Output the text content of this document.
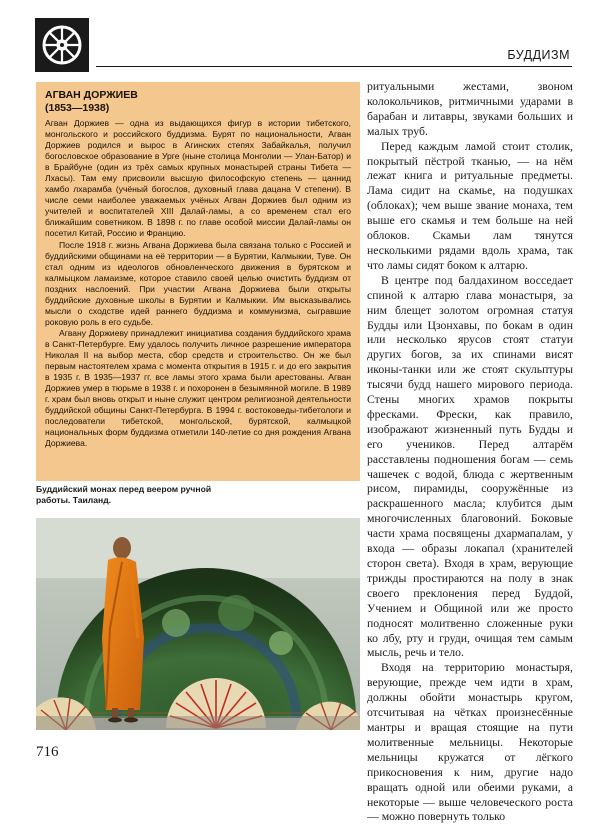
БУДДИЗМ
АГВАН ДОРЖИЕВ
(1853—1938)

Агван Доржиев — одна из выдающихся фигур в истории тибетского, монгольского и российского буддизма. Бурят по национальности, Агван Доржиев родился и вырос в Агинских степях Забайкалья, получил богословское образование в Урге (ныне столица Монголии — Улан-Батор) и в Брайбуне (один из трёх самых крупных монастырей страны Тибета — Лхасы). Там ему присвоили высшую философскую степень — цаннид хамбо лхарамба (учёный богослов, духовный глава дацана V степени). В числе семи наиболее уважаемых учёных Агван Доржиев был одним из учителей и воспитателей XIII Далай-ламы, а со временем стал его ближайшим советником. В 1898 г. по главе особой миссии Далай-ламы он посетил Китай, Россию и Францию.

После 1918 г. жизнь Агвана Доржиева была связана только с Россией и буддийскими общинами на её территории — в Бурятии, Калмыкии, Туве. Он стал одним из идеологов обновленческого движения в бурятском и калмыцком ламаизме, которое ставило своей целью очистить буддизм от поздних наслоений. При участии Агвана Доржиева были открыты буддийские духовные школы в Бурятии и Калмыкии. Им высказывались мысли о сходстве идей раннего буддизма и коммунизма, сыгравшие роковую роль в его судьбе.

Агвану Доржиеву принадлежит инициатива создания буддийского храма в Санкт-Петербурге. Ему удалось получить личное разрешение императора Николая II на выбор места, сбор средств и строительство. Он же был первым настоятелем храма с момента открытия в 1915 г. и до его закрытия в 1935 г. В 1935—1937 гг. все ламы этого храма были арестованы. Агван Доржиев умер в тюрьме в 1938 г. и похоронен в безымянной могиле. В 1989 г. храм был вновь открыт и ныне служит центром религиозной деятельности буддийской общины Санкт-Петербурга. В 1994 г. востоковеды-тибетологи и последователи тибетской, монгольской, бурятской, калмыцкой национальных форм буддизма отметили 140-летие со дня рождения Агвана Доржиева.

Буддийский монах перед веером ручной работы. Таиланд.

ритуальными жестами, звоном колокольчиков, ритмичными ударами в барабан и литавры, звуками больших и малых труб.

Перед каждым ламой стоит столик, покрытый пёстрой тканью, — на нём лежат книга и ритуальные предметы. Лама сидит на скамье, на подушках (облоках); чем выше звание монаха, тем выше его скамья и тем больше на ней облоков. Скамьи лам тянутся несколькими рядами вдоль храма, так что ламы сидят боком к алтарю.

В центре под балдахином восседает спиной к алтарю глава монастыря, за ним блещет золотом огромная статуя Будды или Цзонхавы, по бокам в один или несколько ярусов стоят статуи других богов, за их спинами висят иконы-танки или же стоят скульптуры тысячи будд нашего мирового периода. Стены многих храмов покрыты фресками. Фрески, как правило, изображают жизненный путь Будды и его учеников. Перед алтарём расставлены подношения богам — семь чашечек с водой, блюда с жертвенным рисом, пирамиды, сооружённые из раскрашенного масла; клубится дым многочисленных благовоний. Боковые части храма посвящены дхармапалам, у входа — образы локапал (хранителей сторон света). Входя в храм, верующие трижды простираются на полу в знак своего преклонения перед Буддой, Учением и Общиной или же просто подносят молитвенно сложенные руки ко лбу, рту и груди, очищая тем самым мысль, речь и тело.

Входя на территорию монастыря, верующие, прежде чем идти в храм, должны обойти монастырь кругом, отсчитывая на чётках произнесённые мантры и вращая стоящие на пути молитвенные мельницы. Некоторые мельницы кружатся от лёгкого прикосновения к ним, другие надо вращать одной или обеими руками, а некоторые — выше человеческого роста — можно повернуть только

716
